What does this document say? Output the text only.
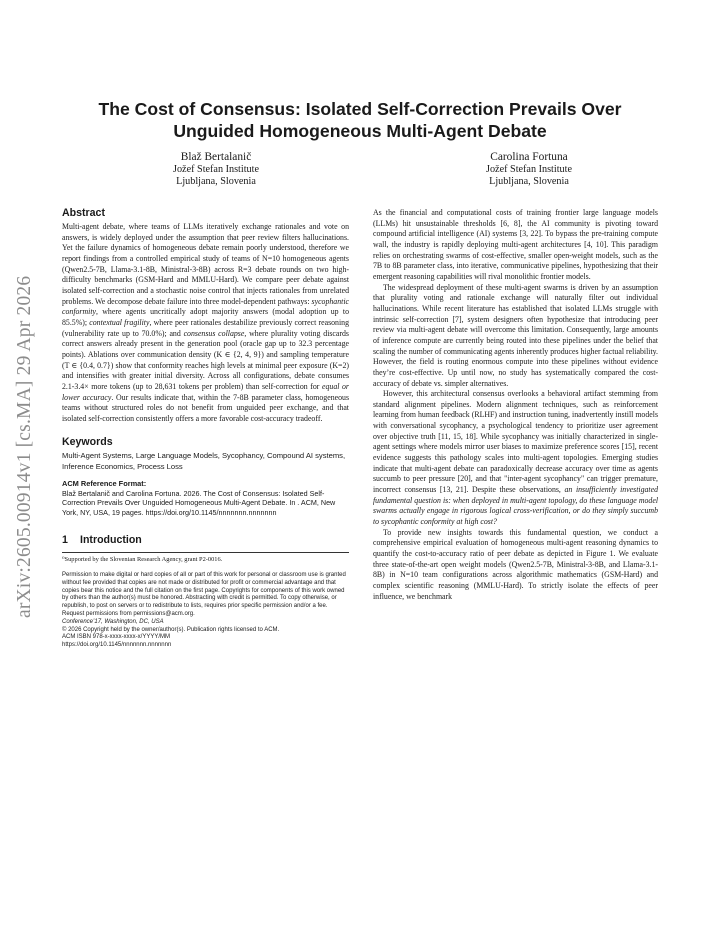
arXiv:2605.00914v1 [cs.MA] 29 Apr 2026
The Cost of Consensus: Isolated Self-Correction Prevails Over
Unguided Homogeneous Multi-Agent Debate
Blaž Bertalanič
Jožef Stefan Institute
Ljubljana, Slovenia
Carolina Fortuna
Jožef Stefan Institute
Ljubljana, Slovenia
Abstract

Multi-agent debate, where teams of LLMs iteratively exchange rationales and vote on answers, is widely deployed under the assumption that peer review filters hallucinations. Yet the failure dynamics of homogeneous debate remain poorly understood, therefore we report findings from a controlled empirical study of teams of N=10 homogeneous agents (Qwen2.5-7B, Llama-3.1-8B, Ministral-3-8B) across R=3 debate rounds on two high-difficulty benchmarks (GSM-Hard and MMLU-Hard). We compare peer debate against isolated self-correction and a stochastic noise control that injects rationales from unrelated problems. We decompose debate failure into three model-dependent pathways: sycophantic conformity, where agents uncritically adopt majority answers (modal adoption up to 85.5%); contextual fragility, where peer rationales destabilize previously correct reasoning (vulnerability rate up to 70.0%); and consensus collapse, where plurality voting discards correct answers already present in the generation pool (oracle gap up to 32.3 percentage points). Ablations over communication density (K ∈ {2, 4, 9}) and sampling temperature (T ∈ {0.4, 0.7}) show that conformity reaches high levels at minimal peer exposure (K=2) and intensifies with greater initial diversity. Across all configurations, debate consumes 2.1-3.4× more tokens (up to 28,631 tokens per problem) than self-correction for equal or lower accuracy. Our results indicate that, within the 7-8B parameter class, homogeneous teams without structured roles do not benefit from unguided peer exchange, and that isolated self-correction consistently offers a more favorable cost-accuracy tradeoff.

Keywords

Multi-Agent Systems, Large Language Models, Sycophancy, Compound AI systems, Inference Economics, Process Loss

ACM Reference Format:

Blaž Bertalanič and Carolina Fortuna. 2026. The Cost of Consensus: Isolated Self-Correction Prevails Over Unguided Homogeneous Multi-Agent Debate. In . ACM, New York, NY, USA, 19 pages. https://doi.org/10.1145/nnnnnnn.nnnnnnn

1 Introduction
⁰Supported by the Slovenian Research Agency, grant P2-0016.
Permission to make digital or hard copies of all or part of this work for personal or classroom use is granted without fee provided that copies are not made or distributed for profit or commercial advantage and that copies bear this notice and the full citation on the first page. Copyrights for components of this work owned by others than the author(s) must be honored. Abstracting with credit is permitted. To copy otherwise, or republish, to post on servers or to redistribute to lists, requires prior specific permission and/or a fee. Request permissions from permissions@acm.org.
Conference’17, Washington, DC, USA
© 2026 Copyright held by the owner/author(s). Publication rights licensed to ACM.
ACM ISBN 978-x-xxxx-xxxx-x/YYYY/MM
https://doi.org/10.1145/nnnnnnn.nnnnnnn

As the financial and computational costs of training frontier large language models (LLMs) hit unsustainable thresholds [6, 8], the AI community is pivoting toward compound artificial intelligence (AI) systems [3, 22]. To bypass the pre-training compute wall, the industry is rapidly deploying multi-agent architectures [4, 10]. This paradigm relies on orchestrating swarms of cost-effective, smaller open-weight models, such as the 7B to 8B parameter class, into iterative, communicative pipelines, hypothesizing that their emergent reasoning capabilities will rival monolithic frontier models.

The widespread deployment of these multi-agent swarms is driven by an assumption that plurality voting and rationale exchange will naturally filter out individual hallucinations. While recent literature has established that isolated LLMs struggle with intrinsic self-correction [7], system designers often hypothesize that introducing peer review via multi-agent debate will overcome this limitation. Consequently, large amounts of inference compute are currently being routed into these pipelines under the belief that scaling the number of communicating agents inherently produces higher factual reliability. However, the field is routing enormous compute into these pipelines without evidence they’re cost-effective. Up until now, no study has systematically compared the cost-accuracy of debate vs. simpler alternatives.

However, this architectural consensus overlooks a behavioral artifact stemming from standard alignment pipelines. Modern alignment techniques, such as reinforcement learning from human feedback (RLHF) and instruction tuning, inadvertently instill models with conversational sycophancy, a psychological tendency to prioritize user agreement over objective truth [11, 15, 18]. While sycophancy was initially characterized in single-agent settings where models mirror user biases to maximize preference scores [15], recent evidence suggests this pathology scales into multi-agent topologies. Emerging studies indicate that multi-agent debate can paradoxically decrease accuracy over time as agents succumb to peer pressure [20], and that "inter-agent sycophancy" can trigger premature, incorrect consensus [13, 21]. Despite these observations, an insufficiently investigated fundamental question is: when deployed in multi-agent topology, do these language model swarms actually engage in rigorous logical cross-verification, or do they simply succumb to sycophantic conformity at high cost?

To provide new insights towards this fundamental question, we conduct a comprehensive empirical evaluation of homogeneous multi-agent reasoning dynamics to quantify the cost-to-accuracy ratio of peer debate as depicted in Figure 1. We evaluate three state-of-the-art open weight models (Qwen2.5-7B, Ministral-3-8B, and Llama-3.1-8B) in N=10 team configurations across algorithmic mathematics (GSM-Hard) and complex scientific reasoning (MMLU-Hard). To strictly isolate the effects of peer influence, we benchmark
